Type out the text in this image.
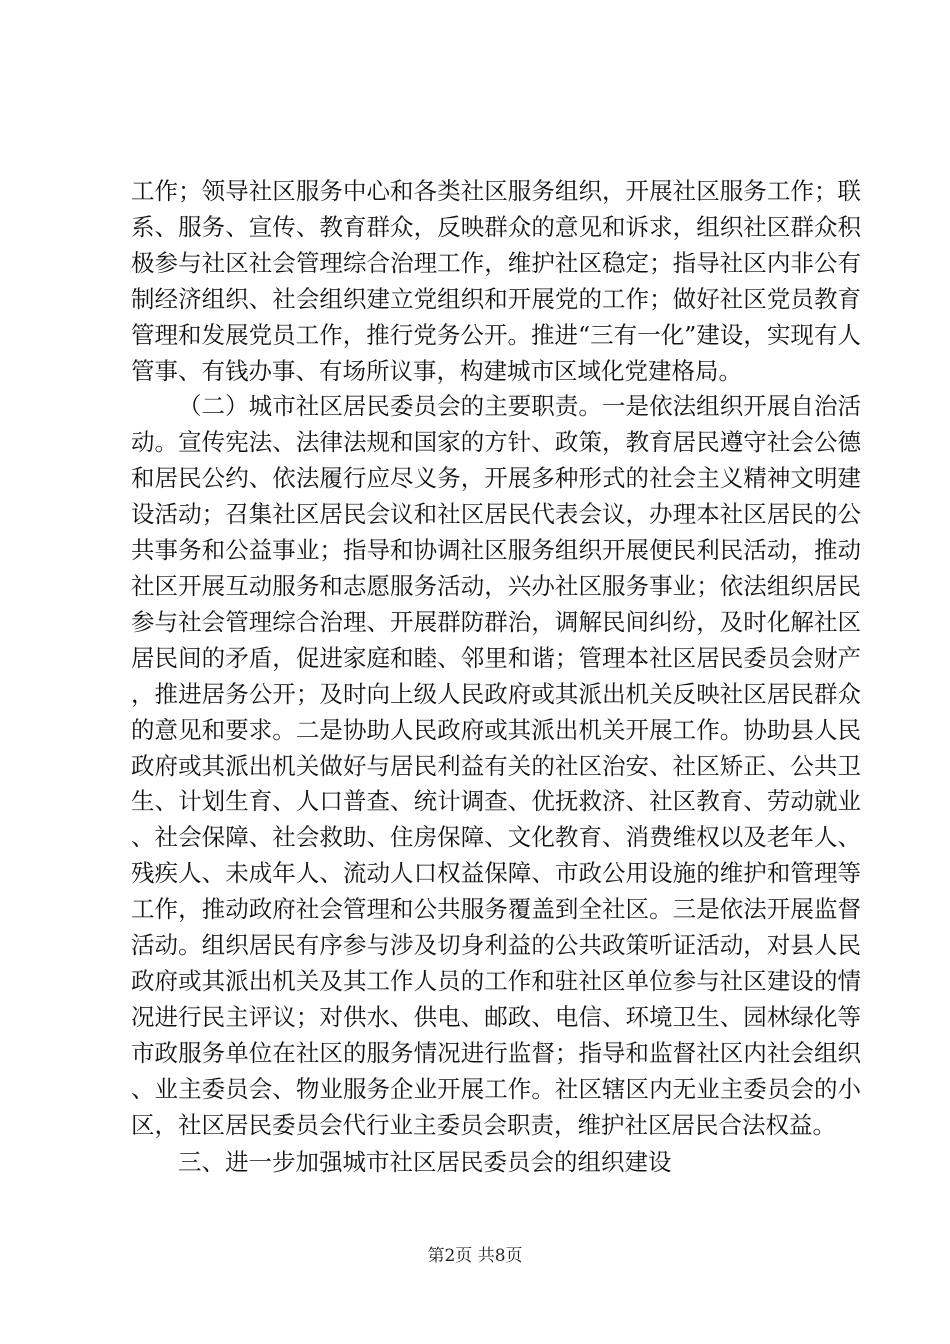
工作；领导社区服务中心和各类社区服务组织，开展社区服务工作；联系、服务、宣传、教育群众，反映群众的意见和诉求，组织社区群众积极参与社区社会管理综合治理工作，维护社区稳定；指导社区内非公有制经济组织、社会组织建立党组织和开展党的工作；做好社区党员教育管理和发展党员工作，推行党务公开。推进“三有一化”建设，实现有人管事、有钱办事、有场所议事，构建城市区域化党建格局。

（二）城市社区居民委员会的主要职责。一是依法组织开展自治活动。宣传宪法、法律法规和国家的方针、政策，教育居民遵守社会公德和居民公约、依法履行应尽义务，开展多种形式的社会主义精神文明建设活动；召集社区居民会议和社区居民代表会议，办理本社区居民的公共事务和公益事业；指导和协调社区服务组织开展便民利民活动，推动社区开展互动服务和志愿服务活动，兴办社区服务事业；依法组织居民参与社会管理综合治理、开展群防群治，调解民间纠纷，及时化解社区居民间的矛盾，促进家庭和睦、邻里和谐；管理本社区居民委员会财产，推进居务公开；及时向上级人民政府或其派出机关反映社区居民群众的意见和要求。二是协助人民政府或其派出机关开展工作。协助县人民政府或其派出机关做好与居民利益有关的社区治安、社区矫正、公共卫生、计划生育、人口普查、统计调查、优抚救济、社区教育、劳动就业、社会保障、社会救助、住房保障、文化教育、消费维权以及老年人、残疾人、未成年人、流动人口权益保障、市政公用设施的维护和管理等工作，推动政府社会管理和公共服务覆盖到全社区。三是依法开展监督活动。组织居民有序参与涉及切身利益的公共政策听证活动，对县人民政府或其派出机关及其工作人员的工作和驻社区单位参与社区建设的情况进行民主评议；对供水、供电、邮政、电信、环境卫生、园林绿化等市政服务单位在社区的服务情况进行监督；指导和监督社区内社会组织、业主委员会、物业服务企业开展工作。社区辖区内无业主委员会的小区，社区居民委员会代行业主委员会职责，维护社区居民合法权益。

三、进一步加强城市社区居民委员会的组织建设

第2页 共8页
